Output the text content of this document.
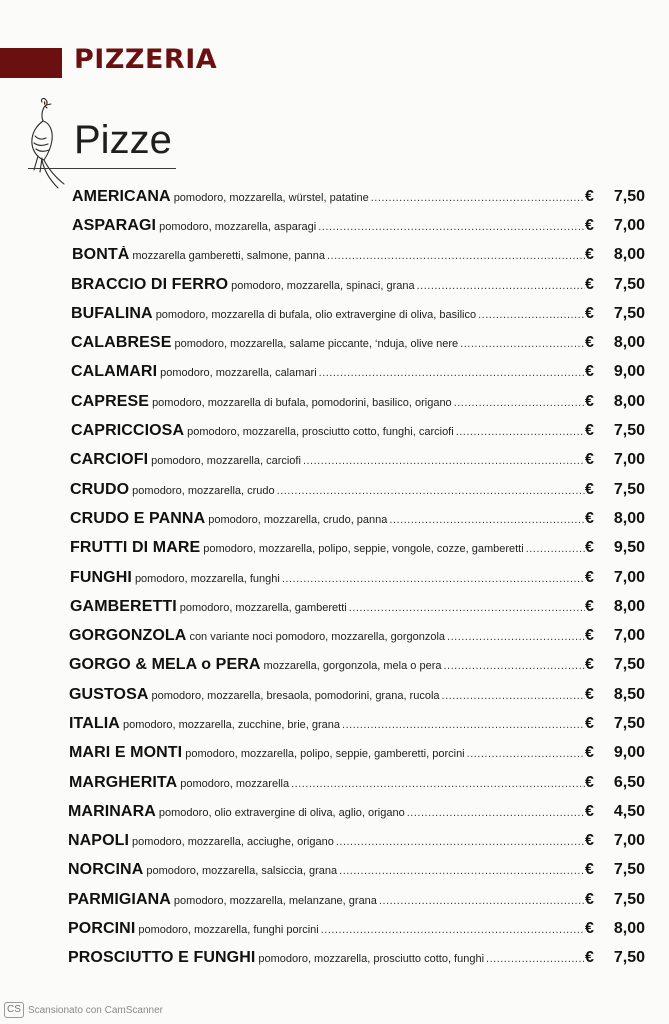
PIZZERIA
Pizze
AMERICANA pomodoro, mozzarella, würstel, patatine .....	€	7,50
ASPARAGI pomodoro, mozzarella, asparagi .....	€	7,00
BONTÀ mozzarella gamberetti, salmone, panna .....	€	8,00
BRACCIO DI FERRO pomodoro, mozzarella, spinaci, grana .....	€	7,50
BUFALINA pomodoro, mozzarella di bufala, olio extravergine di oliva, basilico .....	€	7,50
CALABRESE pomodoro, mozzarella, salame piccante, ‘nduja, olive nere .....	€	8,00
CALAMARI pomodoro, mozzarella, calamari .....	€	9,00
CAPRESE pomodoro, mozzarella di bufala, pomodorini, basilico, origano .....	€	8,00
CAPRICCIOSA pomodoro, mozzarella, prosciutto cotto, funghi, carciofi .....	€	7,50
CARCIOFI pomodoro, mozzarella, carciofi .....	€	7,00
CRUDO pomodoro, mozzarella, crudo .....	€	7,50
CRUDO E PANNA pomodoro, mozzarella, crudo, panna .....	€	8,00
FRUTTI DI MARE pomodoro, mozzarella, polipo, seppie, vongole, cozze, gamberetti .....	€	9,50
FUNGHI pomodoro, mozzarella, funghi .....	€	7,00
GAMBERETTI pomodoro, mozzarella, gamberetti .....	€	8,00
GORGONZOLA con variante noci pomodoro, mozzarella, gorgonzola .....	€	7,00
GORGO & MELA o PERA mozzarella, gorgonzola, mela o pera .....	€	7,50
GUSTOSA pomodoro, mozzarella, bresaola, pomodorini, grana, rucola .....	€	8,50
ITALIA pomodoro, mozzarella, zucchine, brie, grana .....	€	7,50
MARI E MONTI pomodoro, mozzarella, polipo, seppie, gamberetti, porcini .....	€	9,00
MARGHERITA pomodoro, mozzarella .....	€	6,50
MARINARA pomodoro, olio extravergine di oliva, aglio, origano .....	€	4,50
NAPOLI pomodoro, mozzarella, acciughe, origano .....	€	7,00
NORCINA pomodoro, mozzarella, salsiccia, grana .....	€	7,50
PARMIGIANA pomodoro, mozzarella, melanzane, grana .....	€	7,50
PORCINI pomodoro, mozzarella, funghi porcini .....	€	8,00
PROSCIUTTO E FUNGHI pomodoro, mozzarella, prosciutto cotto, funghi .....	€	7,50
CS Scansionato con CamScanner
